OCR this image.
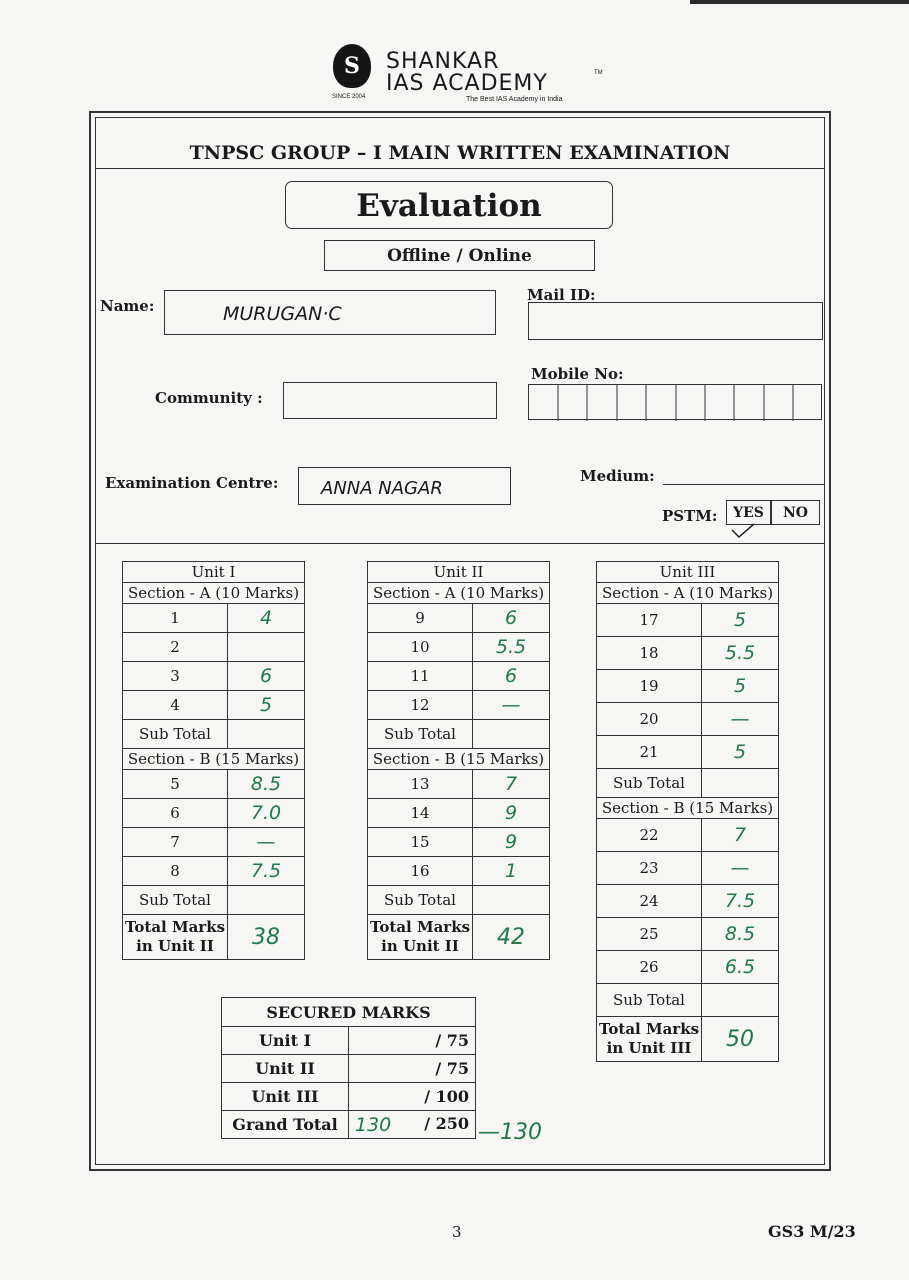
S
SINCE 2004
SHANKAR
IAS ACADEMY	TM
The Best IAS Academy in India
TNPSC GROUP – I MAIN WRITTEN EXAMINATION
Evaluation
Offline / Online
Name:	MURUGAN·C
Mail ID:
Community :
Mobile No:
Examination Centre: ANNA NAGAR
Medium:
PSTM:	YES	NO
Unit I	
Section - A (10 Marks)	
1	4
2	
3	6
4	5
Sub Total	
Section - B (15 Marks)	
5	8.5
6	7.0
7	—
8	7.5
Sub Total	
Total Marks
in Unit II	38
Unit II	
Section - A (10 Marks)	
9	6
10	5.5
11	6
12	—
Sub Total	
Section - B (15 Marks)	
13	7
14	9
15	9
16	1
Sub Total	
Total Marks
in Unit II	42
Unit III	
Section - A (10 Marks)	
17	5
18	5.5
19	5
20	—
21	5
Sub Total	
Section - B (15 Marks)	
22	7
23	—
24	7.5
25	8.5
26	6.5
Sub Total	
Total Marks
in Unit III	50
SECURED MARKS	
Unit I	/ 75
Unit II	/ 75
Unit III	/ 100
Grand Total	130 / 250 —130
3	GS3 M/23
